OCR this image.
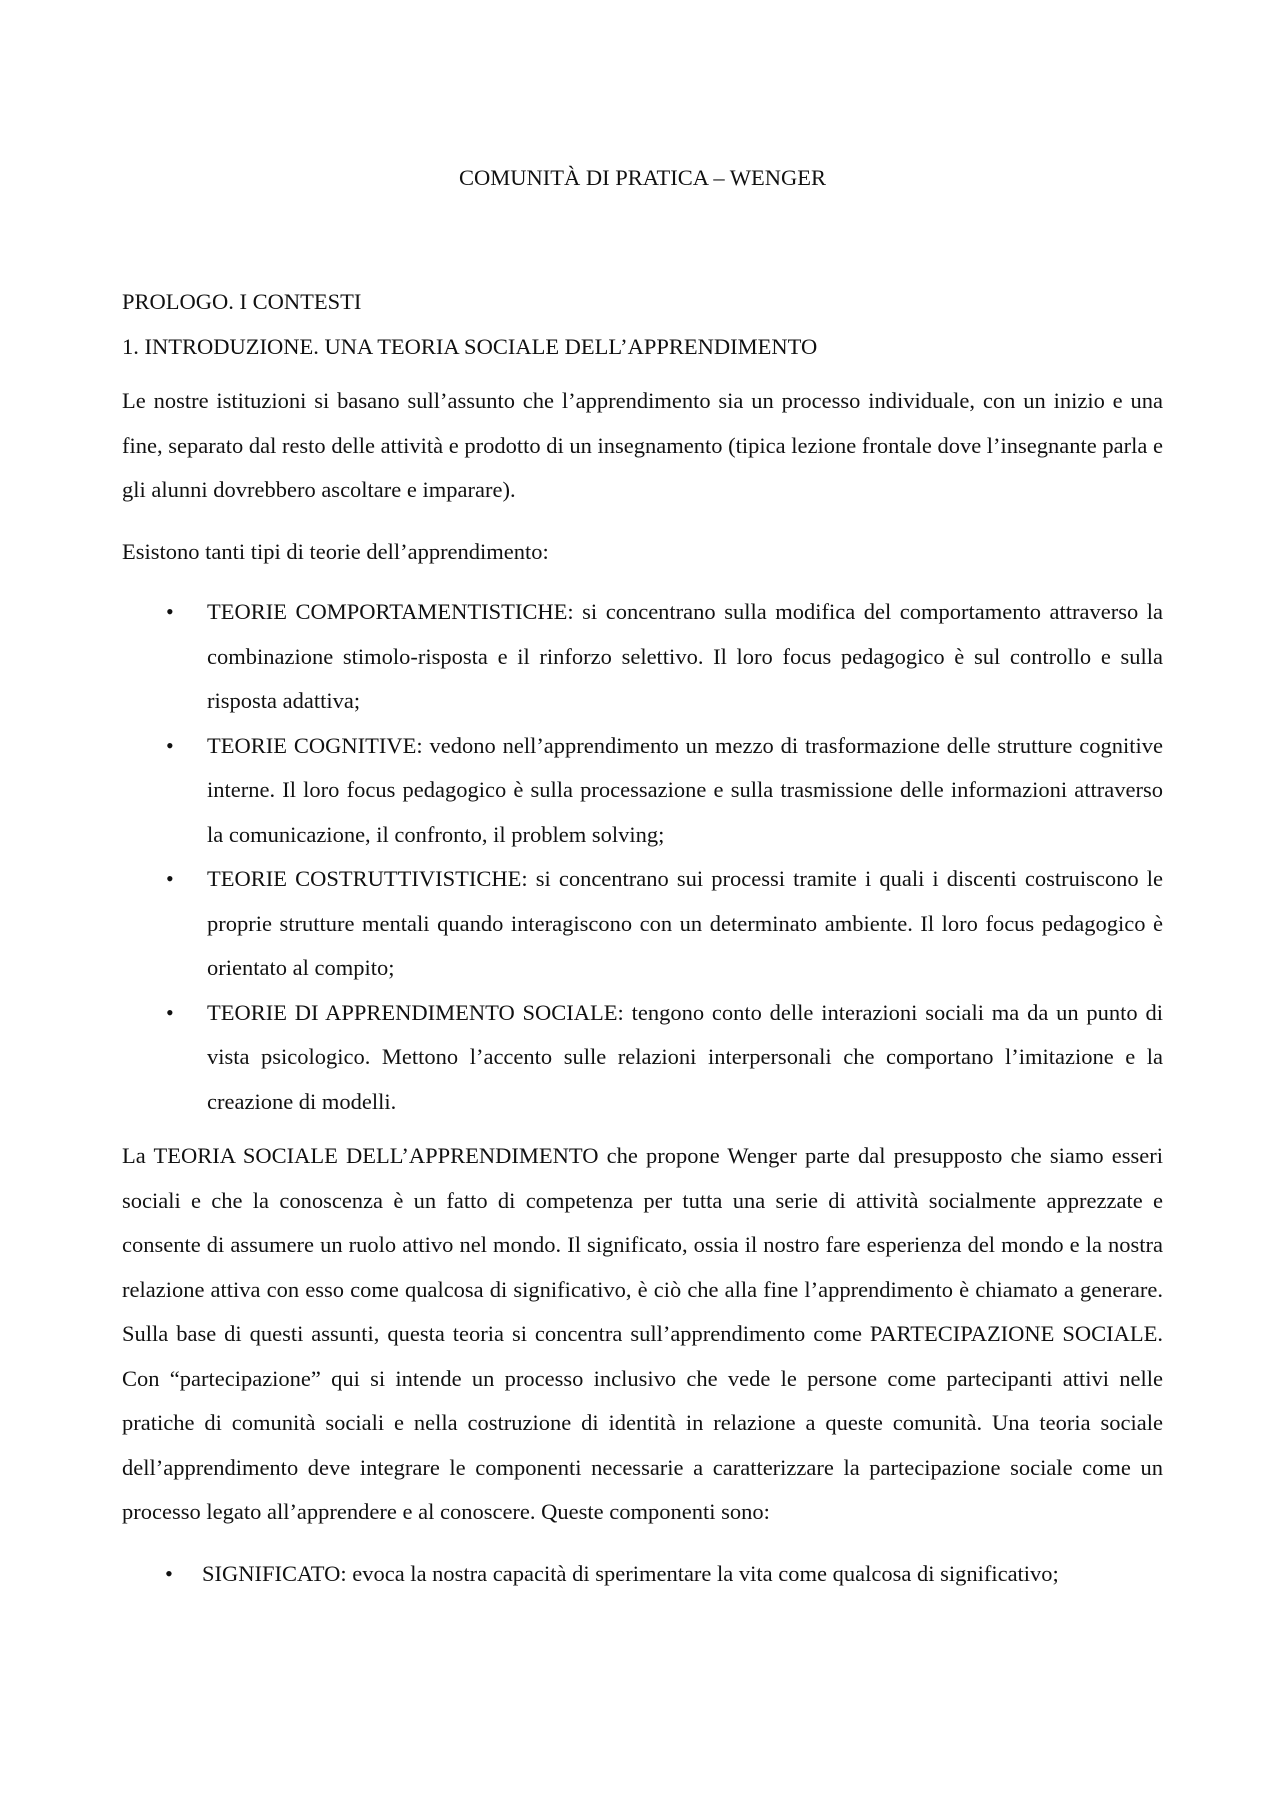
COMUNITÀ DI PRATICA – WENGER

PROLOGO. I CONTESTI

1. INTRODUZIONE. UNA TEORIA SOCIALE DELL’APPRENDIMENTO

Le nostre istituzioni si basano sull’assunto che l’apprendimento sia un processo individuale, con un inizio e una fine, separato dal resto delle attività e prodotto di un insegnamento (tipica lezione frontale dove l’insegnante parla e gli alunni dovrebbero ascoltare e imparare).

Esistono tanti tipi di teorie dell’apprendimento:

• TEORIE COMPORTAMENTISTICHE: si concentrano sulla modifica del comportamento attraverso la combinazione stimolo-risposta e il rinforzo selettivo. Il loro focus pedagogico è sul controllo e sulla risposta adattiva;
• TEORIE COGNITIVE: vedono nell’apprendimento un mezzo di trasformazione delle strutture cognitive interne. Il loro focus pedagogico è sulla processazione e sulla trasmissione delle informazioni attraverso la comunicazione, il confronto, il problem solving;
• TEORIE COSTRUTTIVISTICHE: si concentrano sui processi tramite i quali i discenti costruiscono le proprie strutture mentali quando interagiscono con un determinato ambiente. Il loro focus pedagogico è orientato al compito;
• TEORIE DI APPRENDIMENTO SOCIALE: tengono conto delle interazioni sociali ma da un punto di vista psicologico. Mettono l’accento sulle relazioni interpersonali che comportano l’imitazione e la creazione di modelli.

La TEORIA SOCIALE DELL’APPRENDIMENTO che propone Wenger parte dal presupposto che siamo esseri sociali e che la conoscenza è un fatto di competenza per tutta una serie di attività socialmente apprezzate e consente di assumere un ruolo attivo nel mondo. Il significato, ossia il nostro fare esperienza del mondo e la nostra relazione attiva con esso come qualcosa di significativo, è ciò che alla fine l’apprendimento è chiamato a generare. Sulla base di questi assunti, questa teoria si concentra sull’apprendimento come PARTECIPAZIONE SOCIALE. Con “partecipazione” qui si intende un processo inclusivo che vede le persone come partecipanti attivi nelle pratiche di comunità sociali e nella costruzione di identità in relazione a queste comunità. Una teoria sociale dell’apprendimento deve integrare le componenti necessarie a caratterizzare la partecipazione sociale come un processo legato all’apprendere e al conoscere. Queste componenti sono:

• SIGNIFICATO: evoca la nostra capacità di sperimentare la vita come qualcosa di significativo;
